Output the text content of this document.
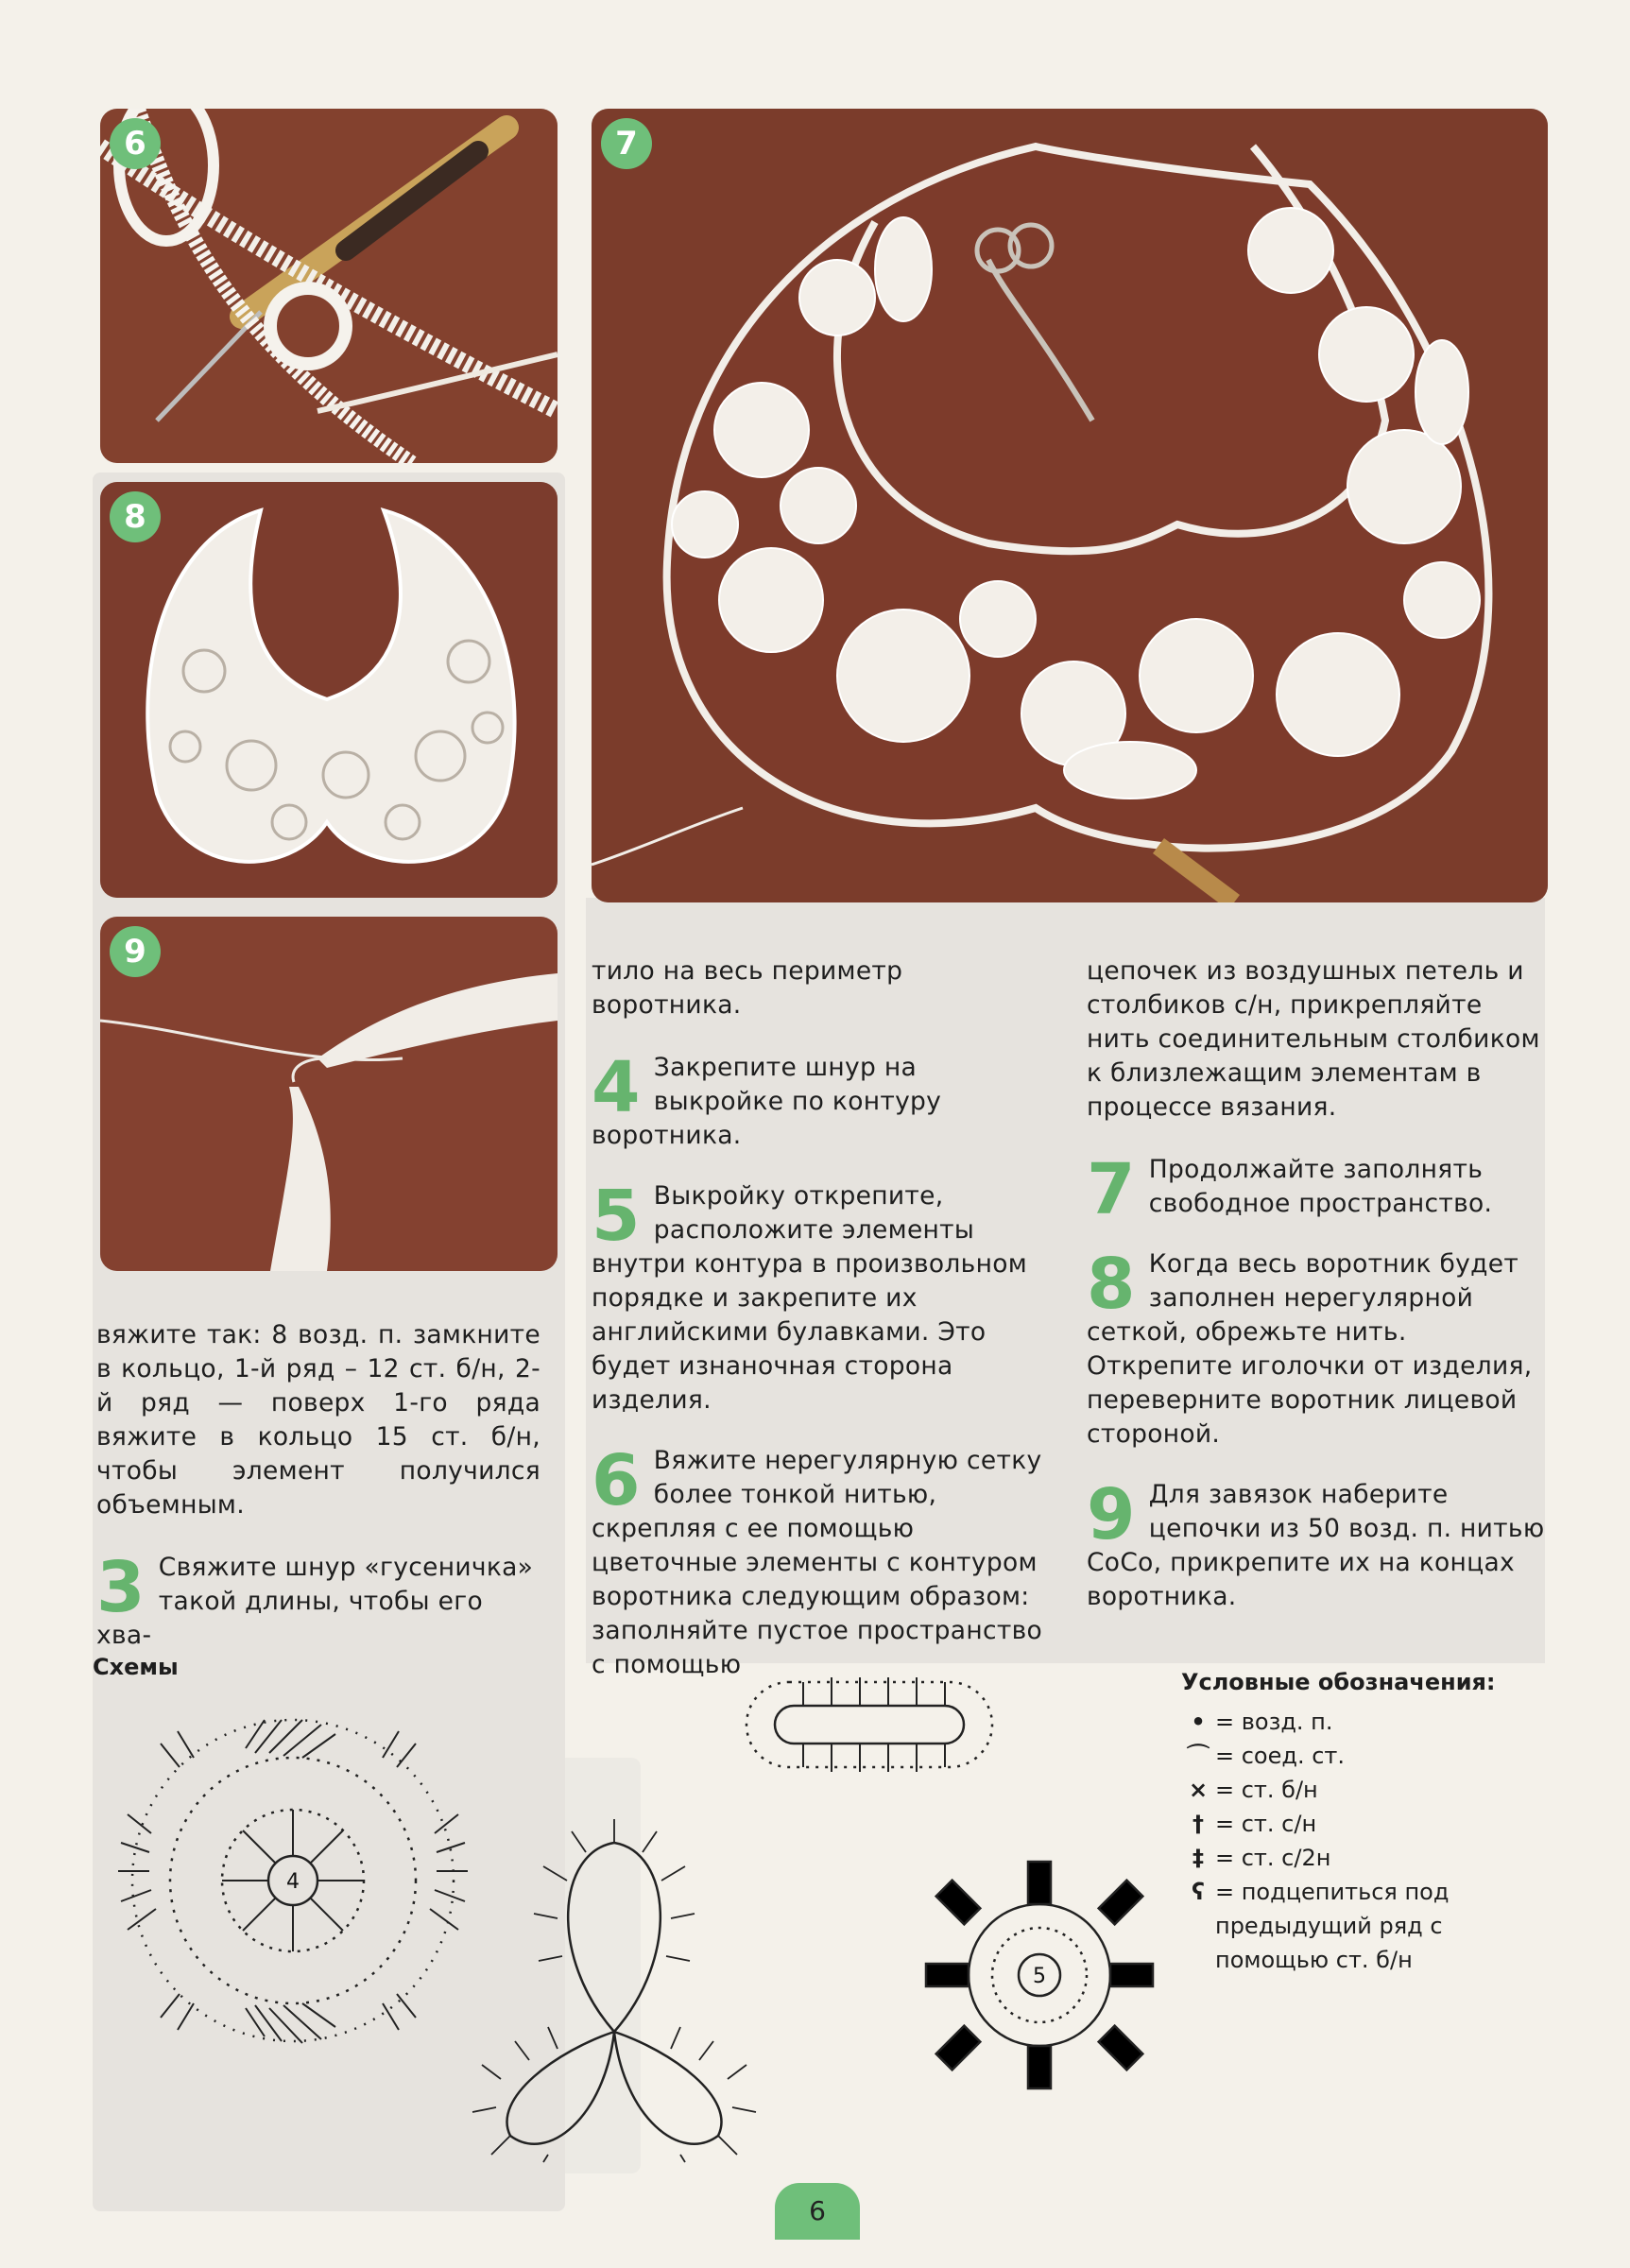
6
8
9
7

вяжите так: 8 возд. п. замкните в кольцо, 1-й ряд – 12 ст. б/н, 2-й ряд — поверх 1-го ряда вяжите в кольцо 15 ст. б/н, чтобы элемент получился объемным.

3 Свяжите шнур «гусеничка» такой длины, чтобы его хва-

тило на весь периметр воротника.

4 Закрепите шнур на выкройке по контуру воротника.
5 Выкройку открепите, расположите элементы внутри контура в произвольном порядке и закрепите их английскими булавками. Это будет изнаночная сторона изделия.
6 Вяжите нерегулярную сетку более тонкой нитью, скрепляя с ее помощью цветочные элементы с контуром воротника следующим образом: заполняйте пустое пространство с помощью

цепочек из воздушных петель и столбиков с/н, прикрепляйте нить соединительным столбиком к близлежащим элементам в процессе вязания.

7 Продолжайте заполнять свободное пространство.
8 Когда весь воротник будет заполнен нерегулярной сеткой, обрежьте нить. Открепите иголочки от изделия, переверните воротник лицевой стороной.
9 Для завязок наберите цепочки из 50 возд. п. нитью CoCo, прикрепите их на концах воротника.
Схемы
4
5
Условные обозначения:
• = возд. п.
⌒ = соед. ст.
× = ст. б/н
† = ст. с/н
‡ = ст. с/2н
ʕ = подцепиться под предыдущий ряд с помощью ст. б/н
6
